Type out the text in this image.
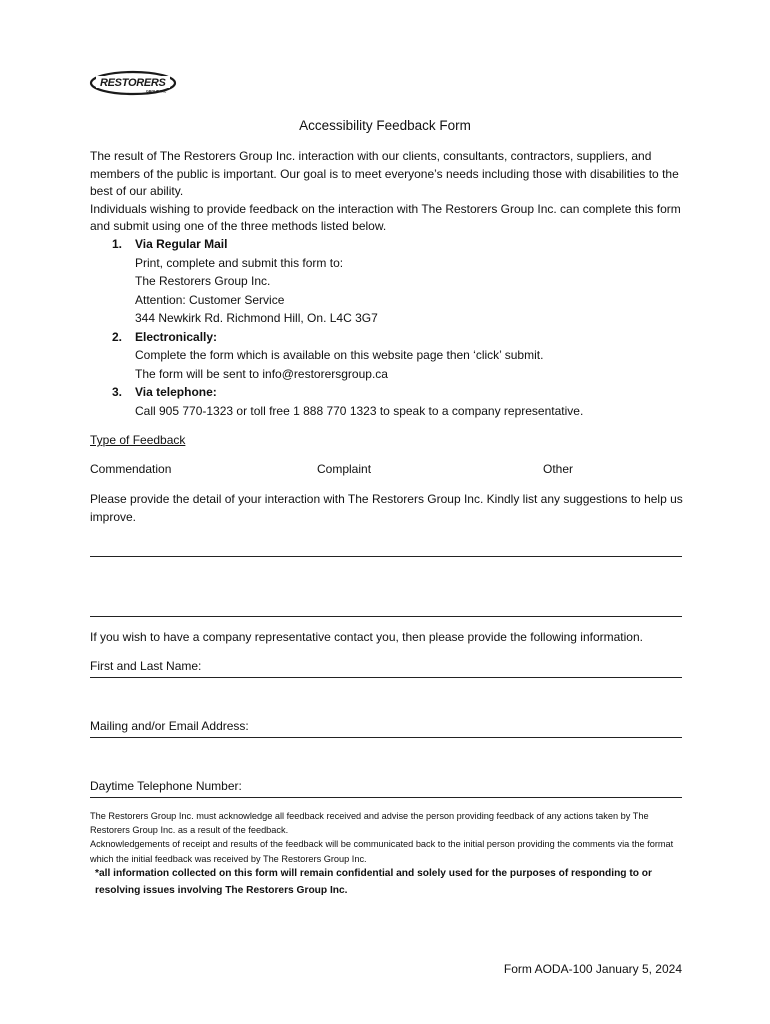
RESTORERS
GROUP INC
Accessibility Feedback Form

The result of The Restorers Group Inc. interaction with our clients, consultants, contractors, suppliers, and members of the public is important. Our goal is to meet everyone’s needs including those with disabilities to the best of our ability.

Individuals wishing to provide feedback on the interaction with The Restorers Group Inc. can complete this form and submit using one of the three methods listed below.

1. Via Regular Mail
Print, complete and submit this form to:
The Restorers Group Inc.
Attention: Customer Service
344 Newkirk Rd. Richmond Hill, On. L4C 3G7
2. Electronically:
Complete the form which is available on this website page then ‘click’ submit.
The form will be sent to info@restorersgroup.ca
3. Via telephone:
Call 905 770-1323 or toll free 1 888 770 1323 to speak to a company representative.
Type of Feedback
Commendation	Complaint	Other
Please provide the detail of your interaction with The Restorers Group Inc. Kindly list any suggestions to help us improve.
If you wish to have a company representative contact you, then please provide the following information.
First and Last Name:
Mailing and/or Email Address:
Daytime Telephone Number:

The Restorers Group Inc. must acknowledge all feedback received and advise the person providing feedback of any actions taken by The Restorers Group Inc. as a result of the feedback.

Acknowledgements of receipt and results of the feedback will be communicated back to the initial person providing the comments via the format which the initial feedback was received by The Restorers Group Inc.

*all information collected on this form will remain confidential and solely used for the purposes of responding to or resolving issues involving The Restorers Group Inc.
Form AODA-100 January 5, 2024
